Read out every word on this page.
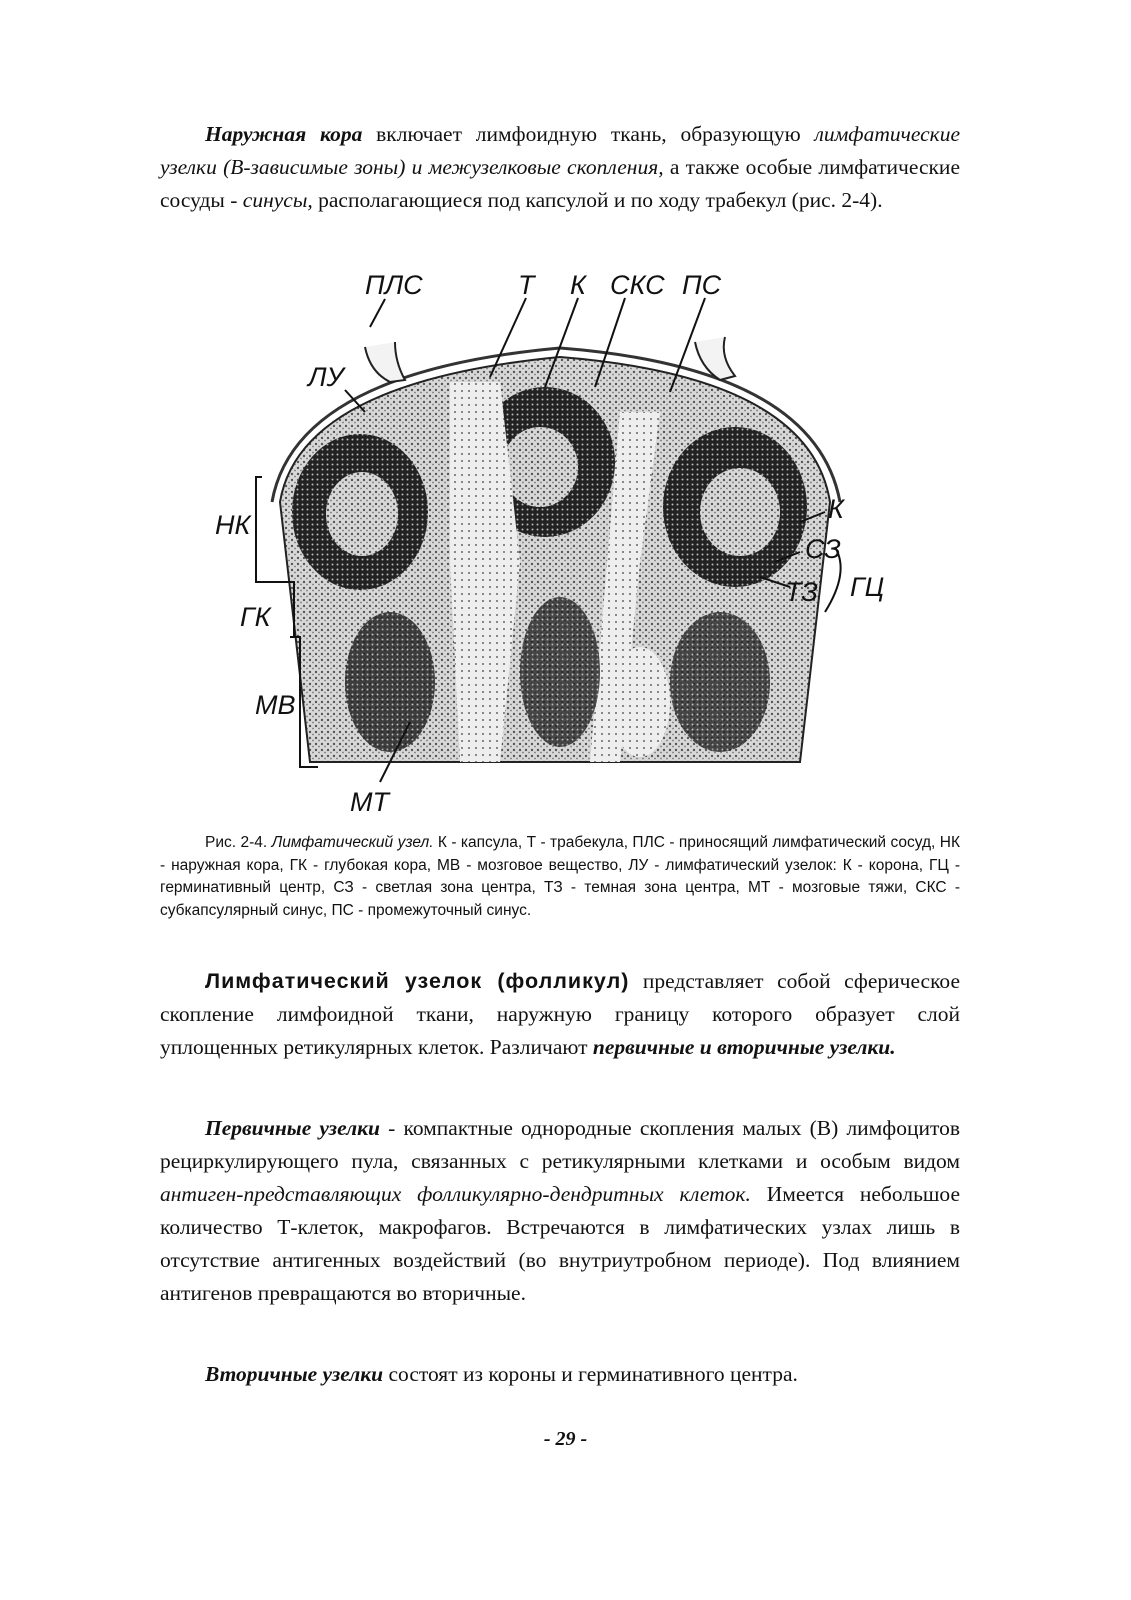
Наружная кора включает лимфоидную ткань, образующую лимфатические узелки (В-зависимые зоны) и межузелковые скопления, а также особые лимфатические сосуды - синусы, располагающиеся под капсулой и по ходу трабекул (рис. 2-4).
ПЛС	Т К СКС ПС
ЛУ
НК
ГК
МВ
МТ
К
СЗ
ТЗ ГЦ
Рис. 2-4. Лимфатический узел. К - капсула, Т - трабекула, ПЛС - приносящий лимфатический сосуд, НК - наружная кора, ГК - глубокая кора, МВ - мозговое вещество, ЛУ - лимфатический узелок: К - корона, ГЦ - герминативный центр, СЗ - светлая зона центра, ТЗ - темная зона центра, МТ - мозговые тяжи, СКС - субкапсулярный синус, ПС - промежуточный синус.
Лимфатический узелок (фолликул) представляет собой сферическое скопление лимфоидной ткани, наружную границу которого образует слой уплощенных ретикулярных клеток. Различают первичные и вторичные узелки.
Первичные узелки - компактные однородные скопления малых (В) лимфоцитов рециркулирующего пула, связанных с ретикулярными клетками и особым видом антиген-представляющих фолликулярно-дендритных клеток. Имеется небольшое количество Т-клеток, макрофагов. Встречаются в лимфатических узлах лишь в отсутствие антигенных воздействий (во внутриутробном периоде). Под влиянием антигенов превращаются во вторичные.
Вторичные узелки состоят из короны и герминативного центра.
- 29 -
